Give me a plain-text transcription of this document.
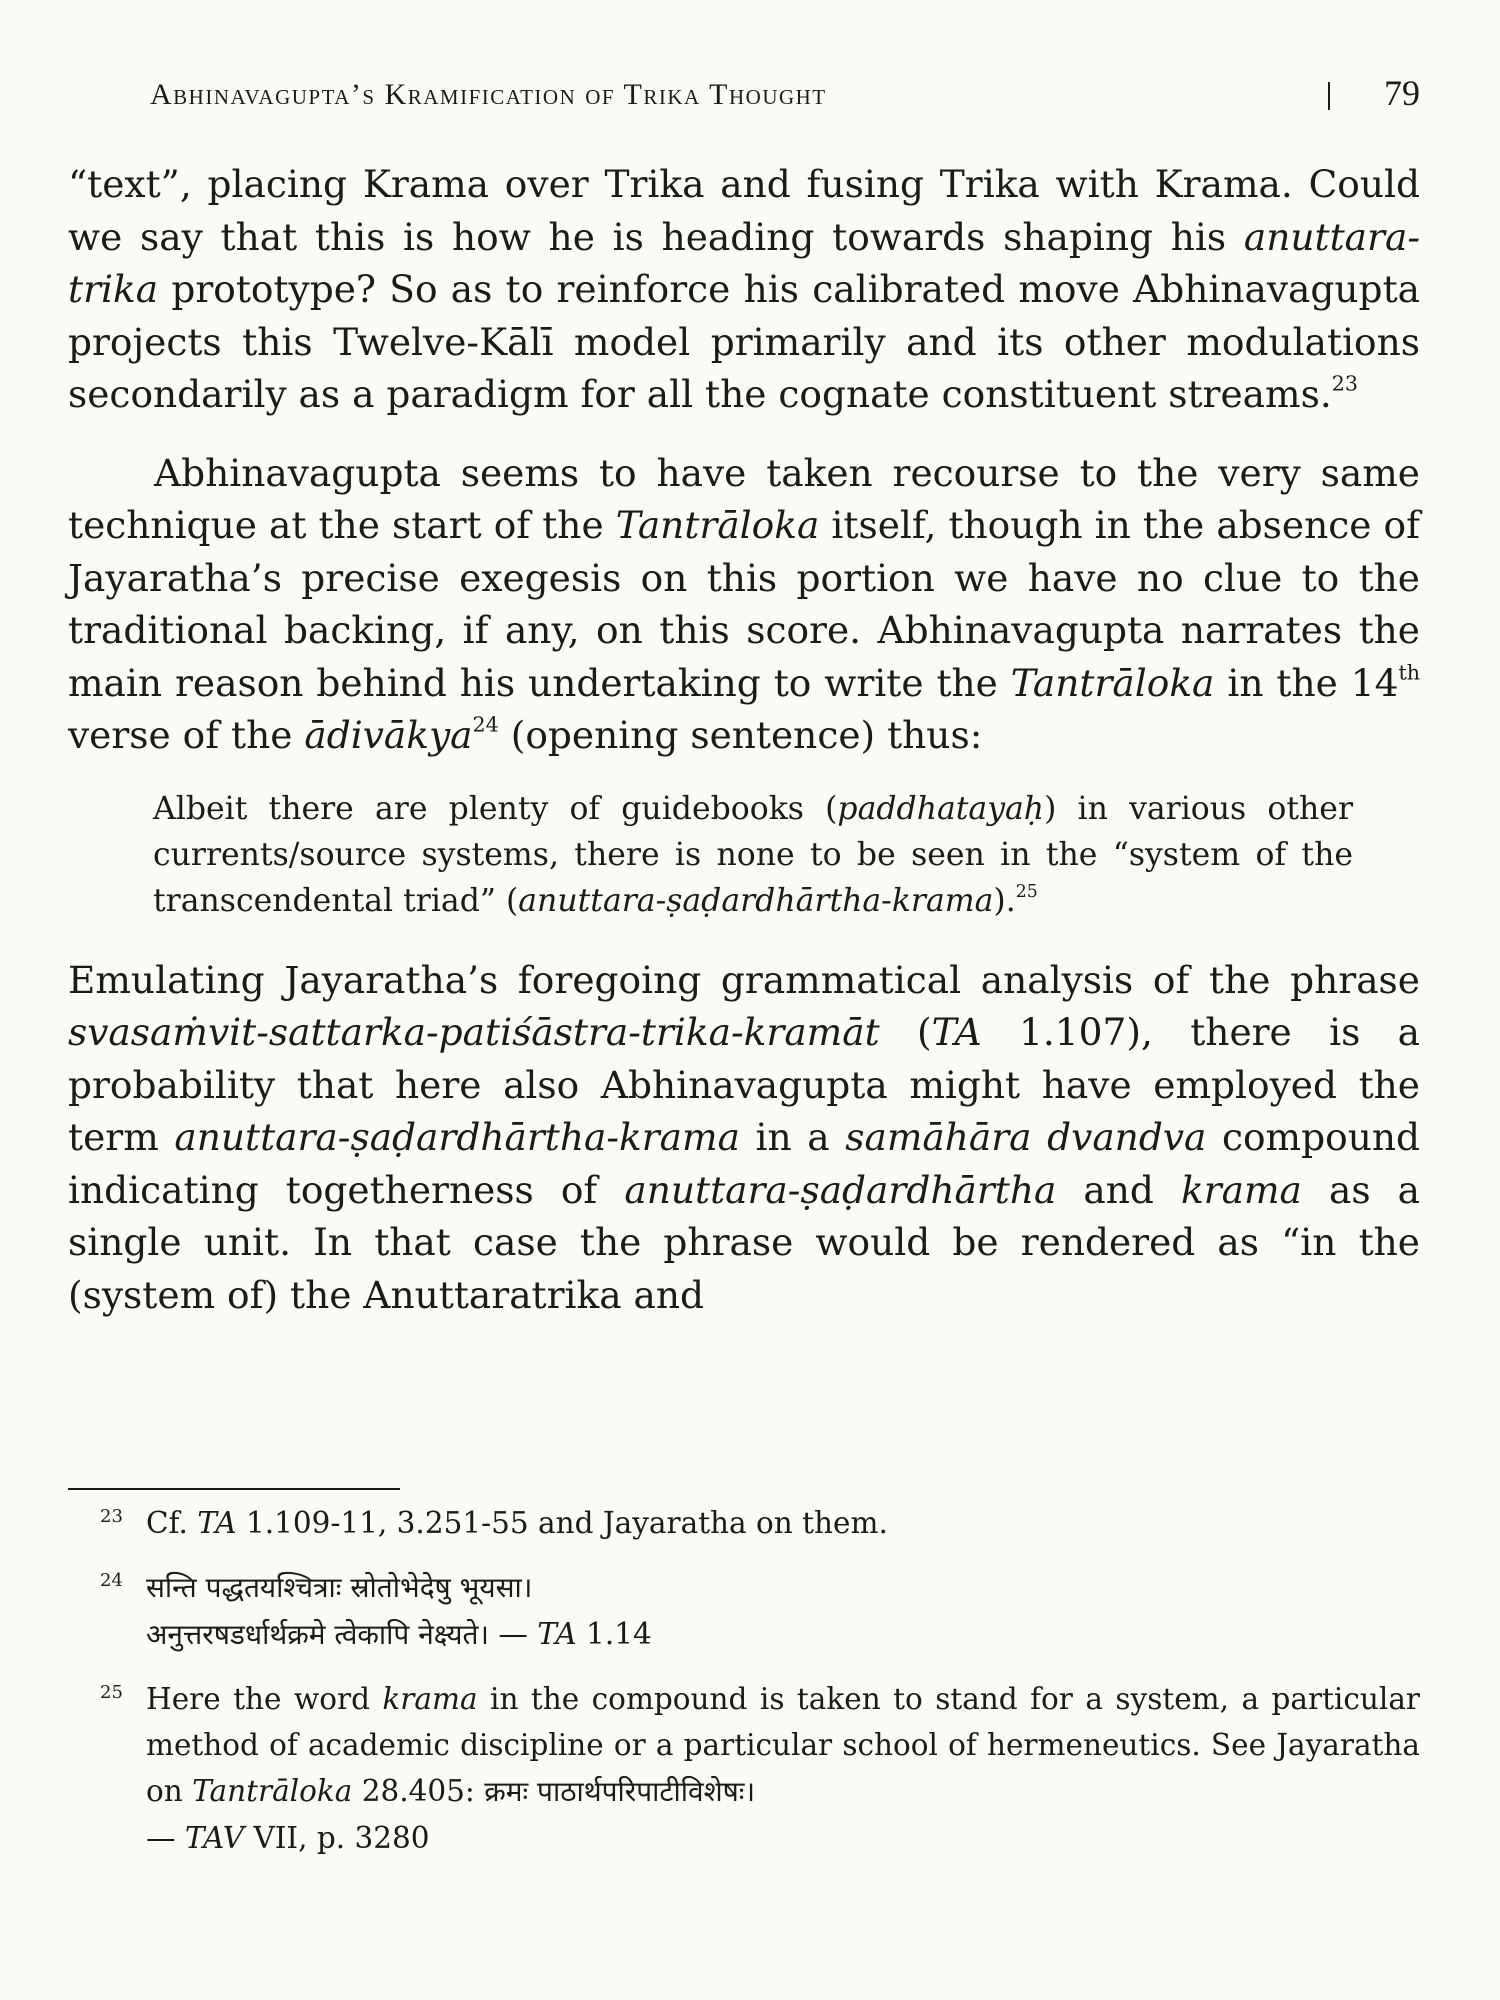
Abhinavagupta’s Kramification of Trika Thought	79

“text”, placing Krama over Trika and fusing Trika with Krama. Could we say that this is how he is heading towards shaping his anuttara-trika prototype? So as to reinforce his calibrated move Abhinavagupta projects this Twelve-Kālī model primarily and its other modulations secondarily as a paradigm for all the cognate constituent streams.$^{23}$

Abhinavagupta seems to have taken recourse to the very same technique at the start of the Tantrāloka itself, though in the absence of Jayaratha’s precise exegesis on this portion we have no clue to the traditional backing, if any, on this score. Abhinavagupta narrates the main reason behind his undertaking to write the Tantrāloka in the 14th verse of the ādivākya$^{24}$ (opening sentence) thus:

Albeit there are plenty of guidebooks (paddhatayaḥ) in various other currents/source systems, there is none to be seen in the “system of the transcendental triad” (anuttara-ṣaḍardhārtha-krama).$^{25}$

Emulating Jayaratha’s foregoing grammatical analysis of the phrase svasaṁvit-sattarka-patiśāstra-trika-kramāt (TA 1.107), there is a probability that here also Abhinavagupta might have employed the term anuttara-ṣaḍardhārtha-krama in a samāhāra dvandva compound indicating togetherness of anuttara-ṣaḍardhārtha and krama as a single unit. In that case the phrase would be rendered as “in the (system of) the Anuttaratrika and

23 Cf. TA 1.109-11, 3.251-55 and Jayaratha on them.
24 सन्ति पद्धतयश्चित्राः स्रोतोभेदेषु भूयसा।
अनुत्तरषडर्धार्थक्रमे त्वेकापि नेक्ष्यते। — TA 1.14
25 Here the word krama in the compound is taken to stand for a system, a particular method of academic discipline or a particular school of hermeneutics. See Jayaratha on Tantrāloka 28.405: क्रमः पाठार्थपरिपाटीविशेषः।
— TAV VII, p. 3280
